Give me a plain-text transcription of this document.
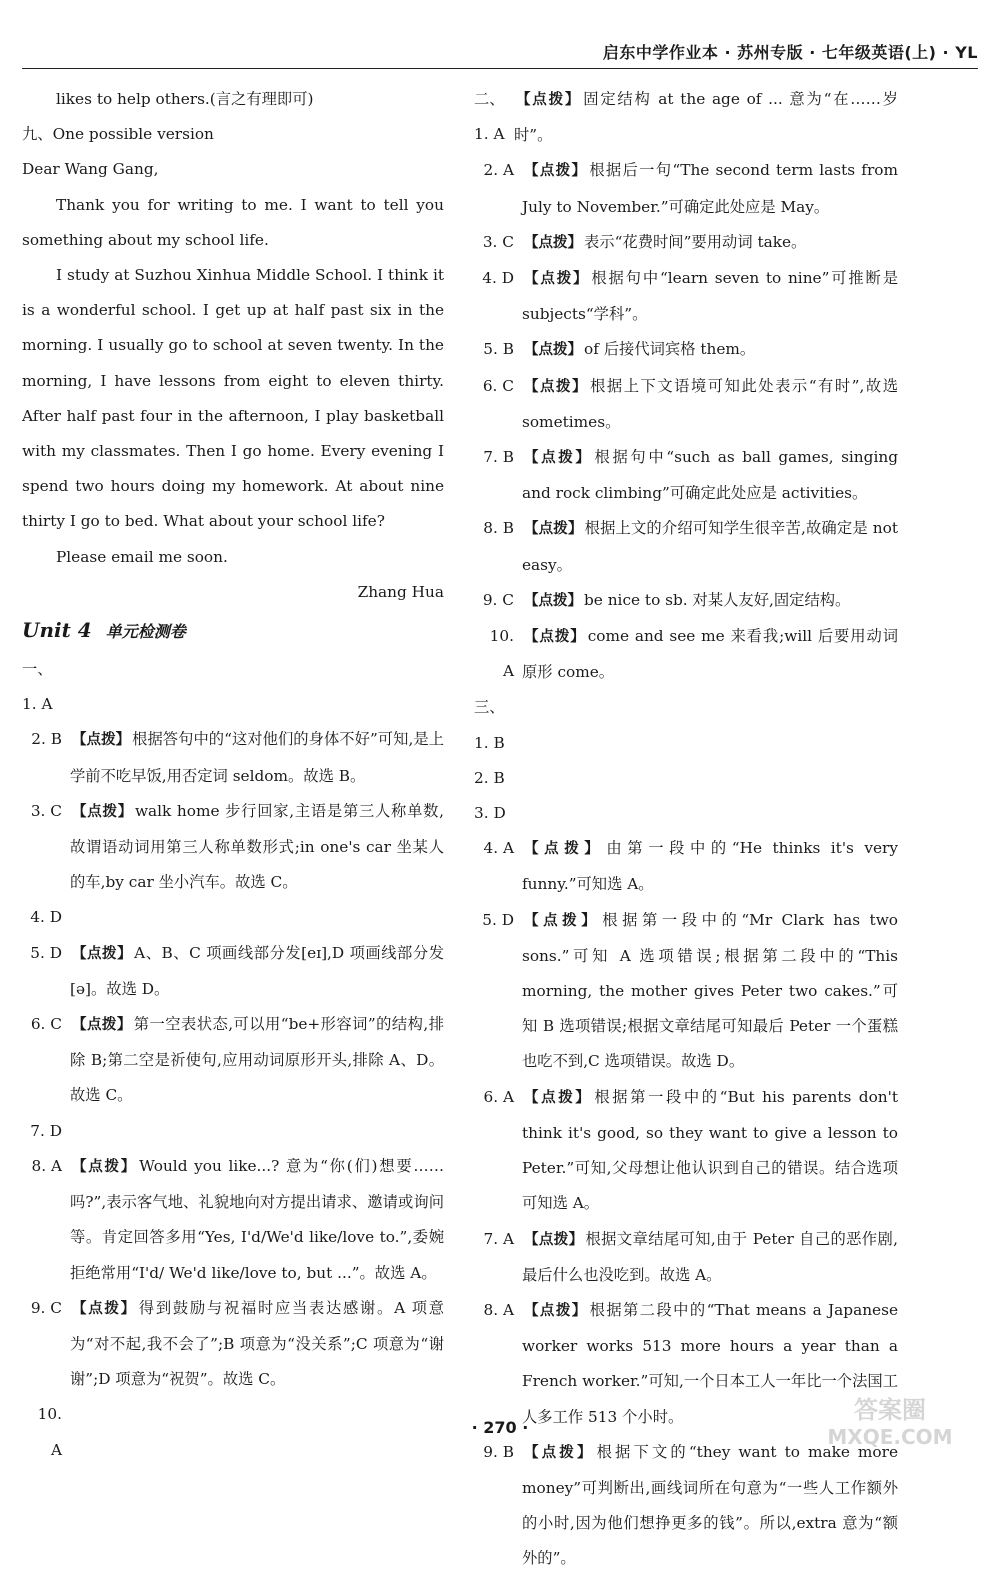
启东中学作业本 · 苏州专版 · 七年级英语(上) · YL

likes to help others.(言之有理即可)

九、One possible version

Dear Wang Gang,

Thank you for writing to me. I want to tell you something about my school life.

I study at Suzhou Xinhua Middle School. I think it is a wonderful school. I get up at half past six in the morning. I usually go to school at seven twenty. In the morning, I have lessons from eight to eleven thirty. After half past four in the afternoon, I play basketball with my classmates. Then I go home. Every evening I spend two hours doing my homework. At about nine thirty I go to bed. What about your school life?

Please email me soon.

Zhang Hua

Unit 4 单元检测卷

一、1. A
2. B 【点拨】 根据答句中的“这对他们的身体不好”可知,是上学前不吃早饭,用否定词 seldom。故选 B。
3. C 【点拨】 walk home 步行回家,主语是第三人称单数,故谓语动词用第三人称单数形式;in one's car 坐某人的车,by car 坐小汽车。故选 C。
4. D
5. D 【点拨】 A、B、C 项画线部分发[eɪ],D 项画线部分发[ə]。故选 D。
6. C 【点拨】 第一空表状态,可以用“be+形容词”的结构,排除 B;第二空是祈使句,应用动词原形开头,排除 A、D。故选 C。
7. D
8. A 【点拨】 Would you like...? 意为“你(们)想要……吗?”,表示客气地、礼貌地向对方提出请求、邀请或询问等。肯定回答多用“Yes, I'd/We'd like/love to.”,委婉拒绝常用“I'd/ We'd like/love to, but ...”。故选 A。
9. C 【点拨】 得到鼓励与祝福时应当表达感谢。A 项意为“对不起,我不会了”;B 项意为“没关系”;C 项意为“谢谢”;D 项意为“祝贺”。故选 C。
10. A
二、1. A
【点拨】 固定结构 at the age of ... 意为“在……岁时”。
2. A 【点拨】 根据后一句“The second term lasts from July to November.”可确定此处应是 May。
3. C 【点拨】 表示“花费时间”要用动词 take。
4. D 【点拨】 根据句中“learn seven to nine”可推断是 subjects“学科”。
5. B 【点拨】 of 后接代词宾格 them。
6. C 【点拨】 根据上下文语境可知此处表示“有时”,故选 sometimes。
7. B 【点拨】 根据句中“such as ball games, singing and rock climbing”可确定此处应是 activities。
8. B 【点拨】 根据上文的介绍可知学生很辛苦,故确定是 not easy。
9. C 【点拨】 be nice to sb. 对某人友好,固定结构。
10. A
【点拨】 come and see me 来看我;will 后要用动词原形 come。
三、1. B 2. B 3. D
4. A 【点拨】 由第一段中的“He thinks it's very funny.”可知选 A。
5. D 【点拨】 根据第一段中的“Mr Clark has two sons.”可知 A 选项错误;根据第二段中的“This morning, the mother gives Peter two cakes.”可知 B 选项错误;根据文章结尾可知最后 Peter 一个蛋糕也吃不到,C 选项错误。故选 D。
6. A 【点拨】 根据第一段中的“But his parents don't think it's good, so they want to give a lesson to Peter.”可知,父母想让他认识到自己的错误。结合选项可知选 A。
7. A 【点拨】 根据文章结尾可知,由于 Peter 自己的恶作剧,最后什么也没吃到。故选 A。
8. A 【点拨】 根据第二段中的“That means a Japanese worker works 513 more hours a year than a French worker.”可知,一个日本工人一年比一个法国工人多工作 513 个小时。
9. B 【点拨】 根据下文的“they want to make more money”可判断出,画线词所在句意为“一些人工作额外的小时,因为他们想挣更多的钱”。所以,extra 意为“额外的”。
· 270 ·
答案圈
MXQE.COM
